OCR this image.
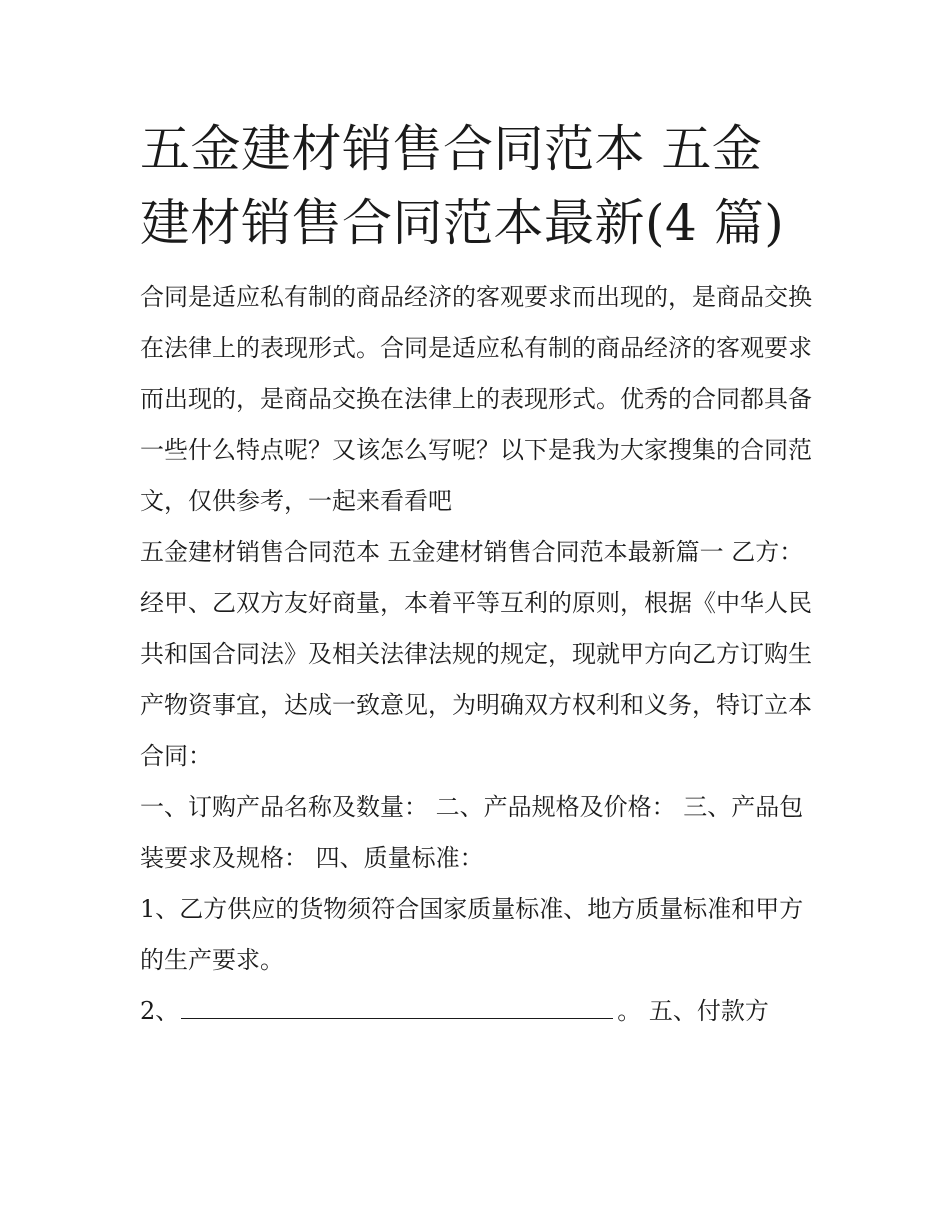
五金建材销售合同范本 五金建材销售合同范本最新(4 篇)

合同是适应私有制的商品经济的客观要求而出现的，是商品交换在法律上的表现形式。合同是适应私有制的商品经济的客观要求而出现的，是商品交换在法律上的表现形式。优秀的合同都具备一些什么特点呢？又该怎么写呢？以下是我为大家搜集的合同范文，仅供参考，一起来看看吧

五金建材销售合同范本 五金建材销售合同范本最新篇一 乙方：

经甲、乙双方友好商量，本着平等互利的原则，根据《中华人民共和国合同法》及相关法律法规的规定，现就甲方向乙方订购生产物资事宜，达成一致意见，为明确双方权利和义务，特订立本合同：

一、订购产品名称及数量： 二、产品规格及价格： 三、产品包装要求及规格： 四、质量标准：

1、乙方供应的货物须符合国家质量标准、地方质量标准和甲方的生产要求。

2、	。 五、付款方
